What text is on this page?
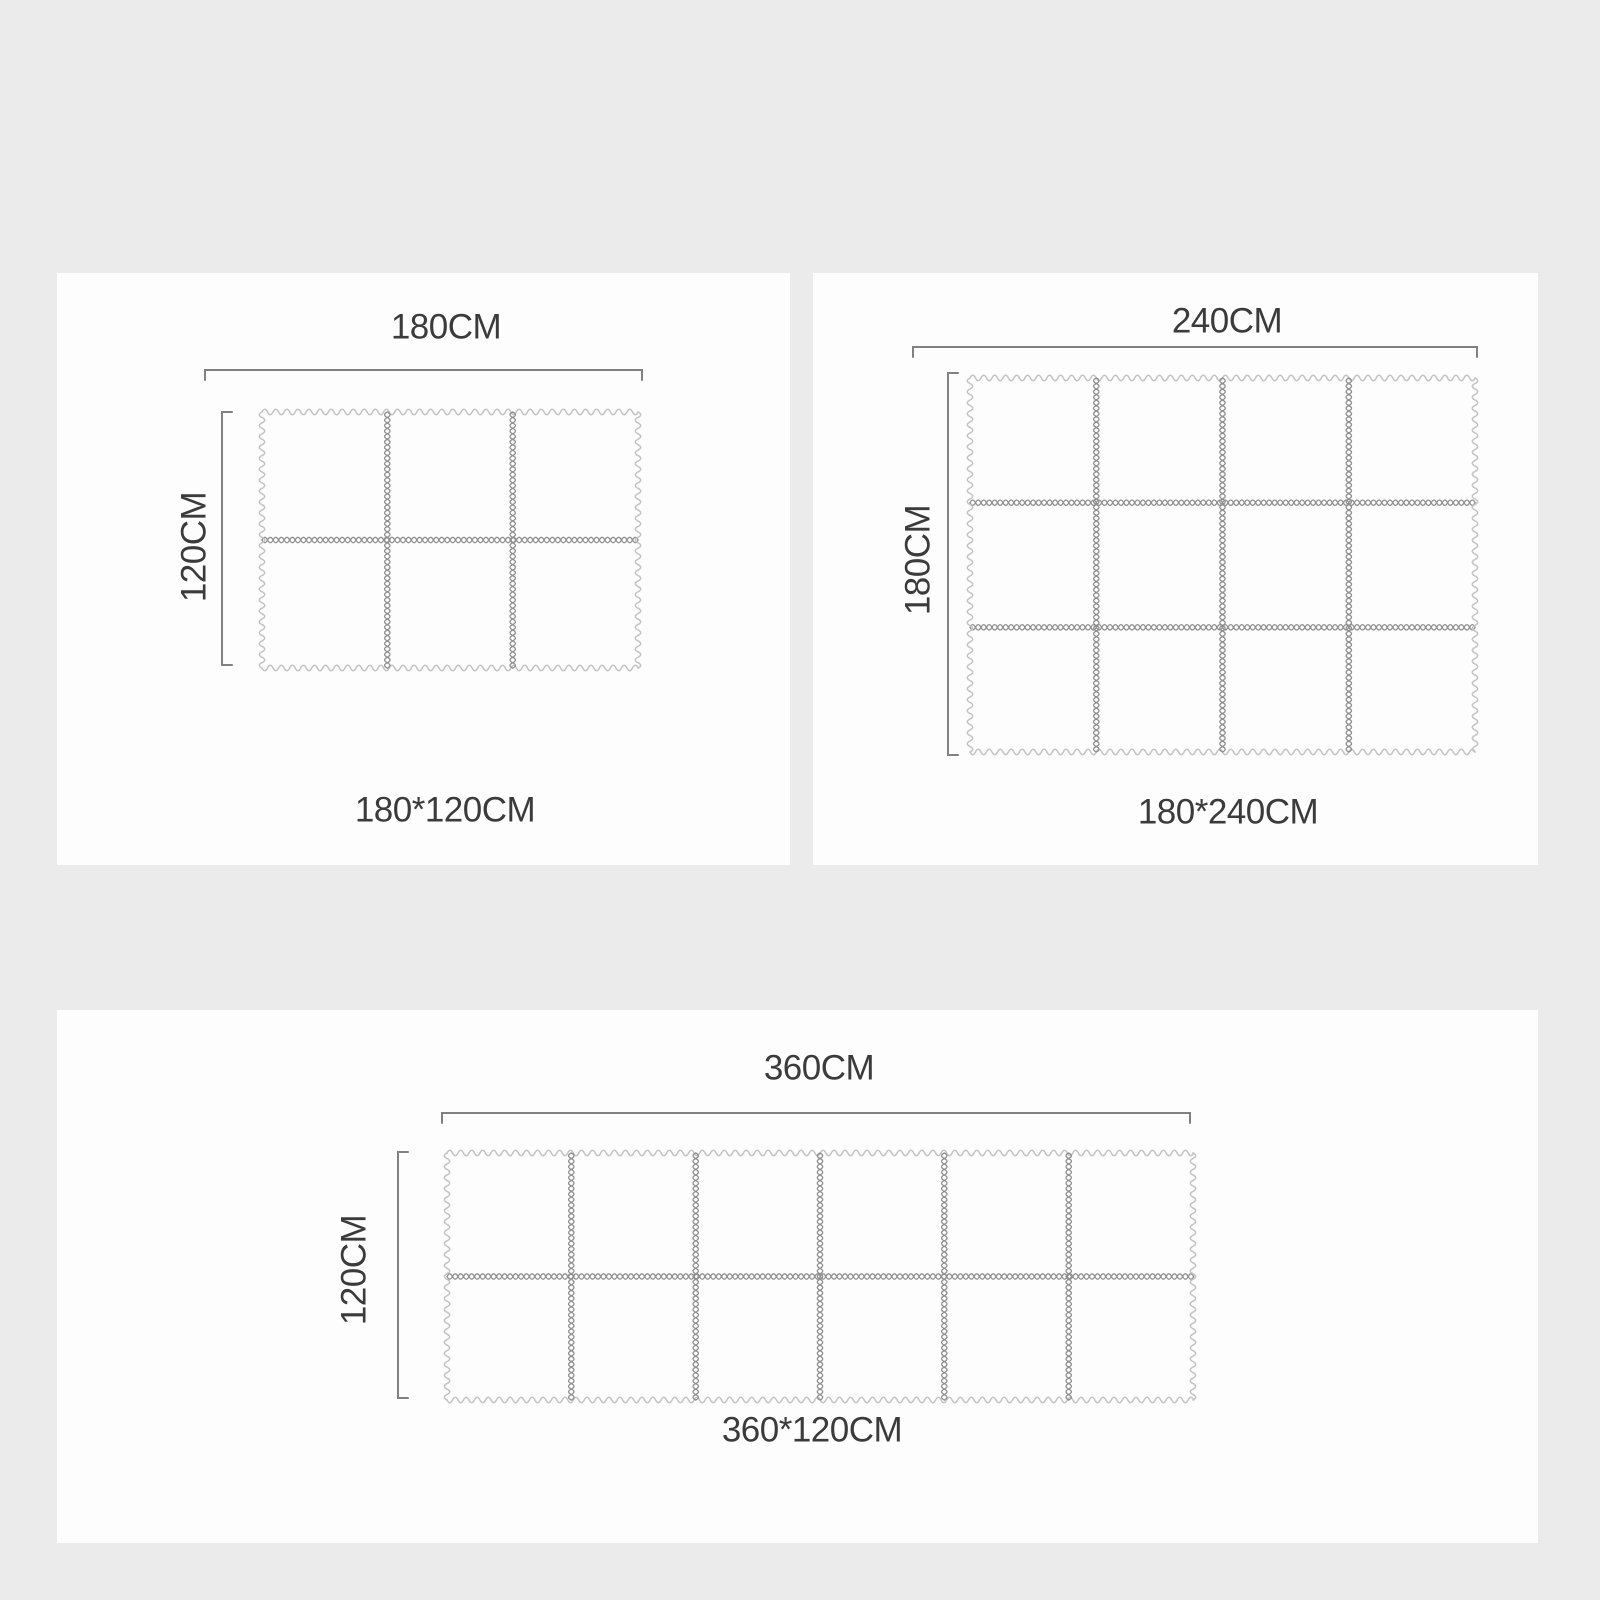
180CM
120CM
180*120CM
240CM
180CM
180*240CM
360CM
120CM
360*120CM
